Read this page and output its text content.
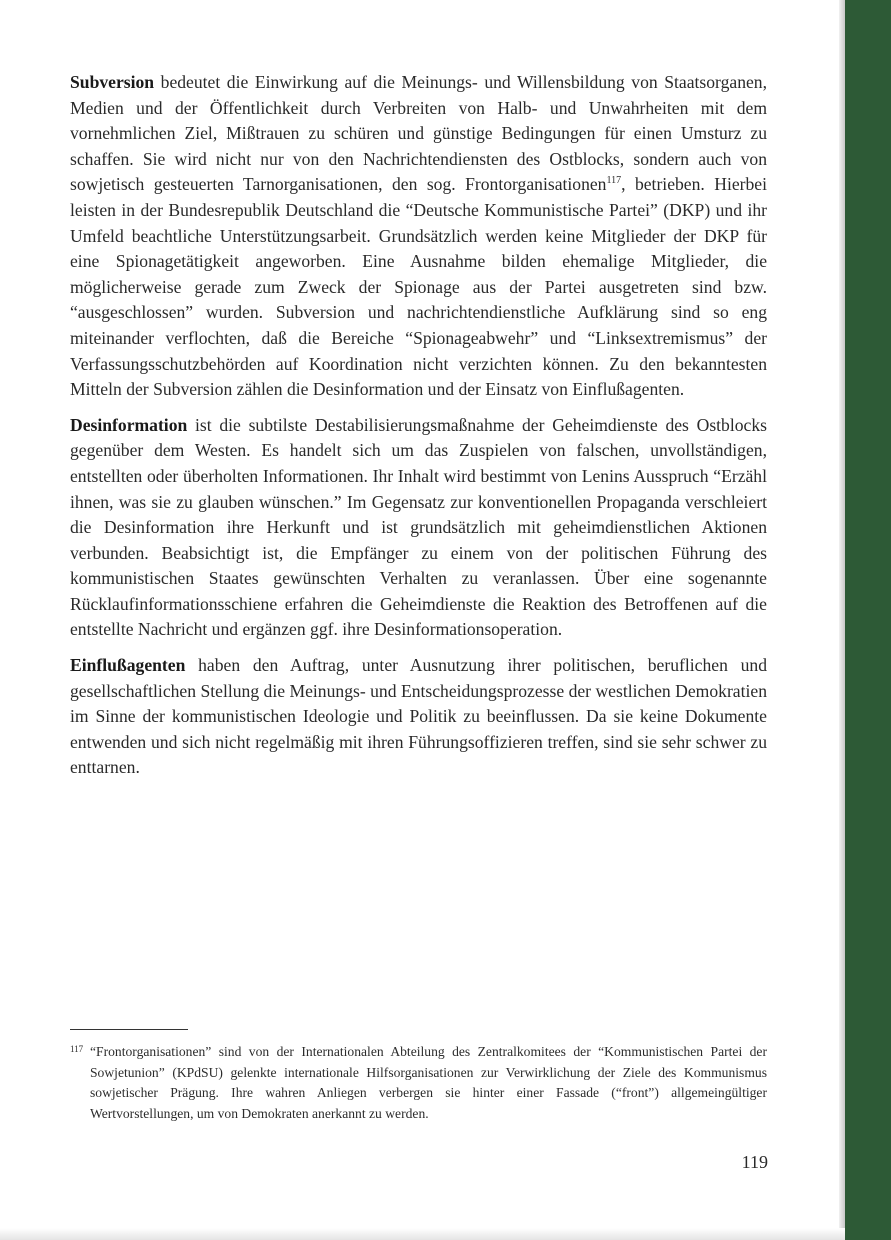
Subversion bedeutet die Einwirkung auf die Meinungs- und Willensbildung von Staatsorganen, Medien und der Öffentlichkeit durch Verbreiten von Halb- und Unwahrheiten mit dem vornehmlichen Ziel, Mißtrauen zu schüren und günstige Bedingungen für einen Umsturz zu schaffen. Sie wird nicht nur von den Nachrichtendiensten des Ostblocks, sondern auch von sowjetisch gesteuerten Tarnorganisationen, den sog. Frontorganisationen$^{117}$, betrieben. Hierbei leisten in der Bundesrepublik Deutschland die “Deutsche Kommunistische Partei” (DKP) und ihr Umfeld beachtliche Unterstützungsarbeit. Grundsätzlich werden keine Mitglieder der DKP für eine Spionagetätigkeit angeworben. Eine Ausnahme bilden ehemalige Mitglieder, die möglicherweise gerade zum Zweck der Spionage aus der Partei ausgetreten sind bzw. “ausgeschlossen” wurden. Subversion und nachrichtendienstliche Aufklärung sind so eng miteinander verflochten, daß die Bereiche “Spionageabwehr” und “Linksextremismus” der Verfassungsschutzbehörden auf Koordination nicht verzichten können. Zu den bekanntesten Mitteln der Subversion zählen die Desinformation und der Einsatz von Einflußagenten.

Desinformation ist die subtilste Destabilisierungsmaßnahme der Geheimdienste des Ostblocks gegenüber dem Westen. Es handelt sich um das Zuspielen von falschen, unvollständigen, entstellten oder überholten Informationen. Ihr Inhalt wird bestimmt von Lenins Ausspruch “Erzähl ihnen, was sie zu glauben wünschen.” Im Gegensatz zur konventionellen Propaganda verschleiert die Desinformation ihre Herkunft und ist grundsätzlich mit geheimdienstlichen Aktionen verbunden. Beabsichtigt ist, die Empfänger zu einem von der politischen Führung des kommunistischen Staates gewünschten Verhalten zu veranlassen. Über eine sogenannte Rücklaufinformationsschiene erfahren die Geheimdienste die Reaktion des Betroffenen auf die entstellte Nachricht und ergänzen ggf. ihre Desinformationsoperation.

Einflußagenten haben den Auftrag, unter Ausnutzung ihrer politischen, beruflichen und gesellschaftlichen Stellung die Meinungs- und Entscheidungsprozesse der westlichen Demokratien im Sinne der kommunistischen Ideologie und Politik zu beeinflussen. Da sie keine Dokumente entwenden und sich nicht regelmäßig mit ihren Führungsoffizieren treffen, sind sie sehr schwer zu enttarnen.

117 “Frontorganisationen” sind von der Internationalen Abteilung des Zentralkomitees der “Kommunistischen Partei der Sowjetunion” (KPdSU) gelenkte internationale Hilfsorganisationen zur Verwirklichung der Ziele des Kommunismus sowjetischer Prägung. Ihre wahren Anliegen verbergen sie hinter einer Fassade (“front”) allgemeingültiger Wertvorstellungen, um von Demokraten anerkannt zu werden.
119
